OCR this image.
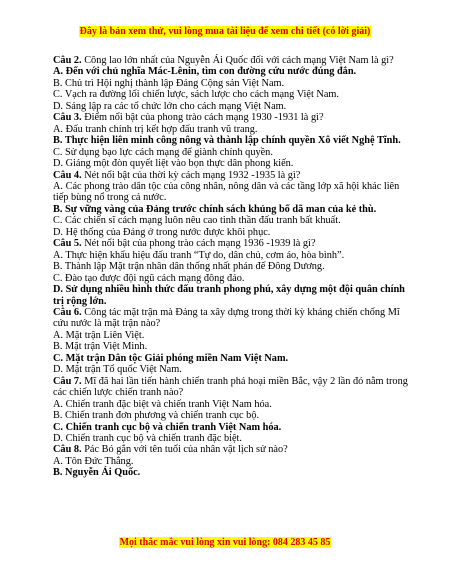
Đây là bản xem thử, vui lòng mua tài liệu để xem chi tiết (có lời giải)
Câu 2. Công lao lớn nhất của Nguyễn Ái Quốc đối với cách mạng Việt Nam là gì?
A. Đến với chủ nghĩa Mác-Lênin, tìm con đường cứu nước đúng đắn.
B. Chủ trì Hội nghị thành lập Đảng Cộng sản Việt Nam.
C. Vạch ra đường lối chiến lược, sách lược cho cách mạng Việt Nam.
D. Sáng lập ra các tổ chức lớn cho cách mạng Việt Nam.
Câu 3. Điểm nổi bật của phong trào cách mạng 1930 -1931 là gì?
A. Đấu tranh chính trị kết hợp đấu tranh vũ trang.
B. Thực hiện liên minh công nông và thành lập chính quyền Xô viết Nghệ Tĩnh.
C. Sử dụng bạo lực cách mạng để giành chính quyền.
D. Giáng một đòn quyết liệt vào bọn thực dân phong kiến.
Câu 4. Nét nổi bật của thời kỳ cách mạng 1932 -1935 là gì?
A. Các phong trào dân tộc của công nhân, nông dân và các tầng lớp xã hội khác liên tiếp bùng nổ trong cả nước.
B. Sự vững vàng của Đảng trước chính sách khủng bố dã man của kẻ thù.
C. Các chiến sĩ cách mạng luôn nêu cao tinh thần đấu tranh bất khuất.
D. Hệ thống của Đảng ở trong nước được khôi phục.
Câu 5. Nét nổi bật của phong trào cách mạng 1936 -1939 là gì?
A. Thực hiện khẩu hiệu đấu tranh “Tự do, dân chủ, cơm áo, hòa bình”.
B. Thành lập Mặt trận nhân dân thống nhất phản đế Đông Dương.
C. Đào tạo được đội ngũ cách mạng đông đảo.
D. Sử dụng nhiều hình thức đấu tranh phong phú, xây dựng một đội quân chính trị rộng lớn.
Câu 6. Công tác mặt trận mà Đảng ta xây dựng trong thời kỳ kháng chiến chống Mĩ cứu nước là mặt trận nào?
A. Mặt trận Liên Việt.
B. Mặt trận Việt Minh.
C. Mặt trận Dân tộc Giải phóng miền Nam Việt Nam.
D. Mặt trận Tổ quốc Việt Nam.
Câu 7. Mĩ đã hai lần tiến hành chiến tranh phá hoại miền Bắc, vậy 2 lần đó nằm trong các chiến lược chiến tranh nào?
A. Chiến tranh đặc biệt và chiến tranh Việt Nam hóa.
B. Chiến tranh đơn phương và chiến tranh cục bộ.
C. Chiến tranh cục bộ và chiến tranh Việt Nam hóa.
D. Chiến tranh cục bộ và chiến tranh đặc biệt.
Câu 8. Pác Bó gắn với tên tuổi của nhân vật lịch sử nào?
A. Tôn Đức Thắng.
B. Nguyễn Ái Quốc.
Mọi thắc mắc vui lòng xin vui lòng: 084 283 45 85
